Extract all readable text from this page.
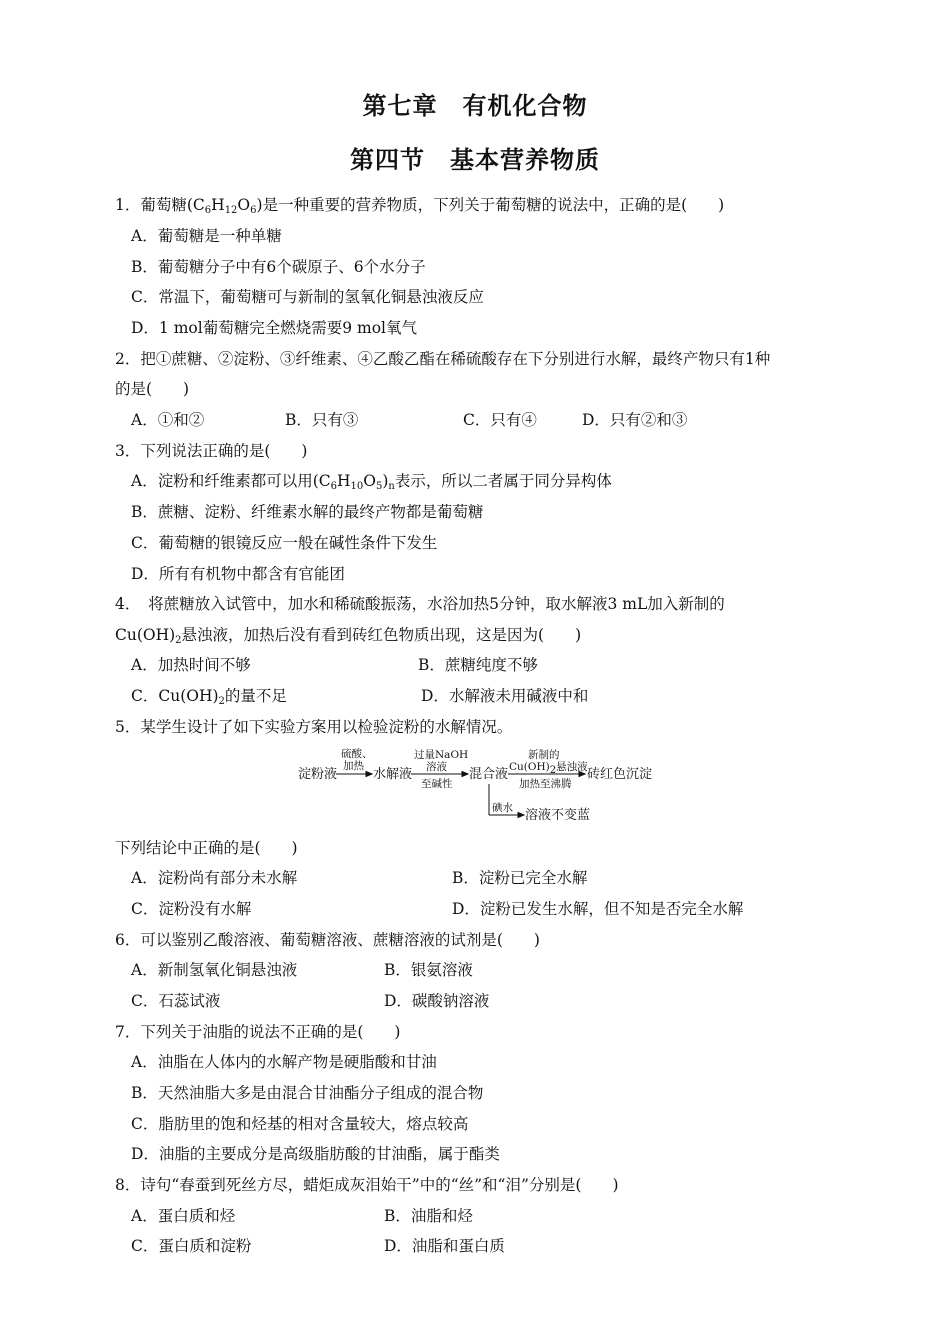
第七章　有机化合物
第四节　基本营养物质
1．葡萄糖$(C_6H_{12}O_6)$是一种重要的营养物质，下列关于葡萄糖的说法中，正确的是(　　)
A．葡萄糖是一种单糖
B．葡萄糖分子中有6个碳原子、6个水分子
C．常温下，葡萄糖可与新制的氢氧化铜悬浊液反应
D．1 mol葡萄糖完全燃烧需要9 mol氧气
2．把①蔗糖、②淀粉、③纤维素、④乙酸乙酯在稀硫酸存在下分别进行水解，最终产物只有1种
的是(　　)
A．①和②	B．只有③	C．只有④	D．只有②和③
3．下列说法正确的是(　　)
A．淀粉和纤维素都可以用$(C_6H_{10}O_5)_n$表示，所以二者属于同分异构体
B．蔗糖、淀粉、纤维素水解的最终产物都是葡萄糖
C．葡萄糖的银镜反应一般在碱性条件下发生
D．所有有机物中都含有官能团
4．　将蔗糖放入试管中，加水和稀硫酸振荡，水浴加热5分钟，取水解液3 mL加入新制的
$Cu(OH)_2$悬浊液，加热后没有看到砖红色物质出现，这是因为(　　)
A．加热时间不够	B．蔗糖纯度不够
C．$Cu(OH)_2$的量不足	D．水解液未用碱液中和
5．某学生设计了如下实验方案用以检验淀粉的水解情况。
淀粉液
硫酸、
加热
水解液
过量NaOH
溶液
至碱性
混合液
新制的
$Cu(OH)_2$悬浊液
加热至沸腾
砖红色沉淀
碘水 溶液不变蓝
下列结论中正确的是(　　)
A．淀粉尚有部分未水解	B．淀粉已完全水解
C．淀粉没有水解	D．淀粉已发生水解，但不知是否完全水解
6．可以鉴别乙酸溶液、葡萄糖溶液、蔗糖溶液的试剂是(　　)
A．新制氢氧化铜悬浊液	B．银氨溶液
C．石蕊试液	D．碳酸钠溶液
7．下列关于油脂的说法不正确的是(　　)
A．油脂在人体内的水解产物是硬脂酸和甘油
B．天然油脂大多是由混合甘油酯分子组成的混合物
C．脂肪里的饱和烃基的相对含量较大，熔点较高
D．油脂的主要成分是高级脂肪酸的甘油酯，属于酯类
8．诗句“春蚕到死丝方尽，蜡炬成灰泪始干”中的“丝”和“泪”分别是(　　)
A．蛋白质和烃	B．油脂和烃
C．蛋白质和淀粉	D．油脂和蛋白质
